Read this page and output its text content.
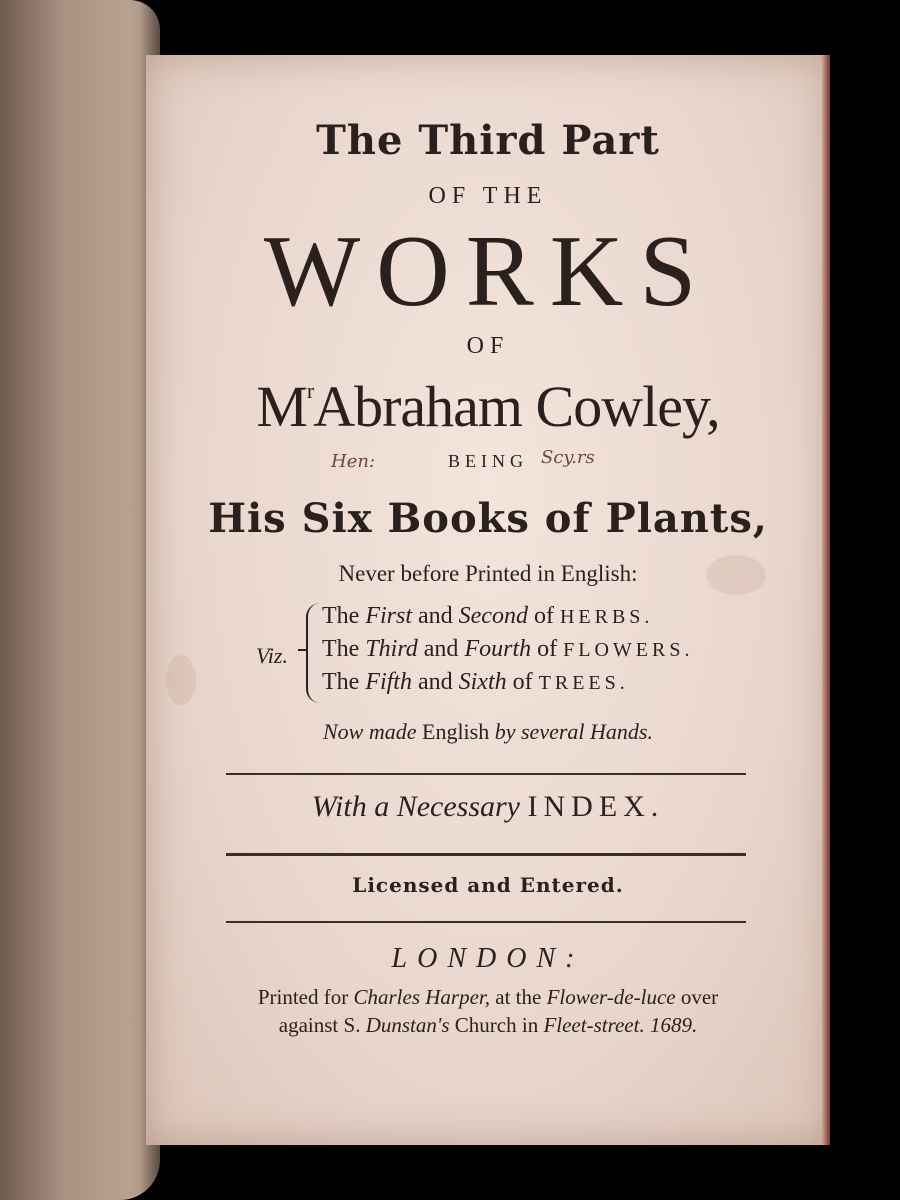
The Third Part
OF THE
WORKS
OF
$M^rAbraham$ Cowley,
Hen:	BEING Scy.rs
His Six Books of Plants,
Never before Printed in English:
Viz.
The First and Second of HERBS.
The Third and Fourth of FLOWERS.
The Fifth and Sixth of TREES.
Now made English by several Hands.
With a Necessary INDEX.
Licensed and Entered.
LONDON:
Printed for Charles Harper, at the Flower-de-luce over
against S. Dunstan's Church in Fleet-street. 1689.
